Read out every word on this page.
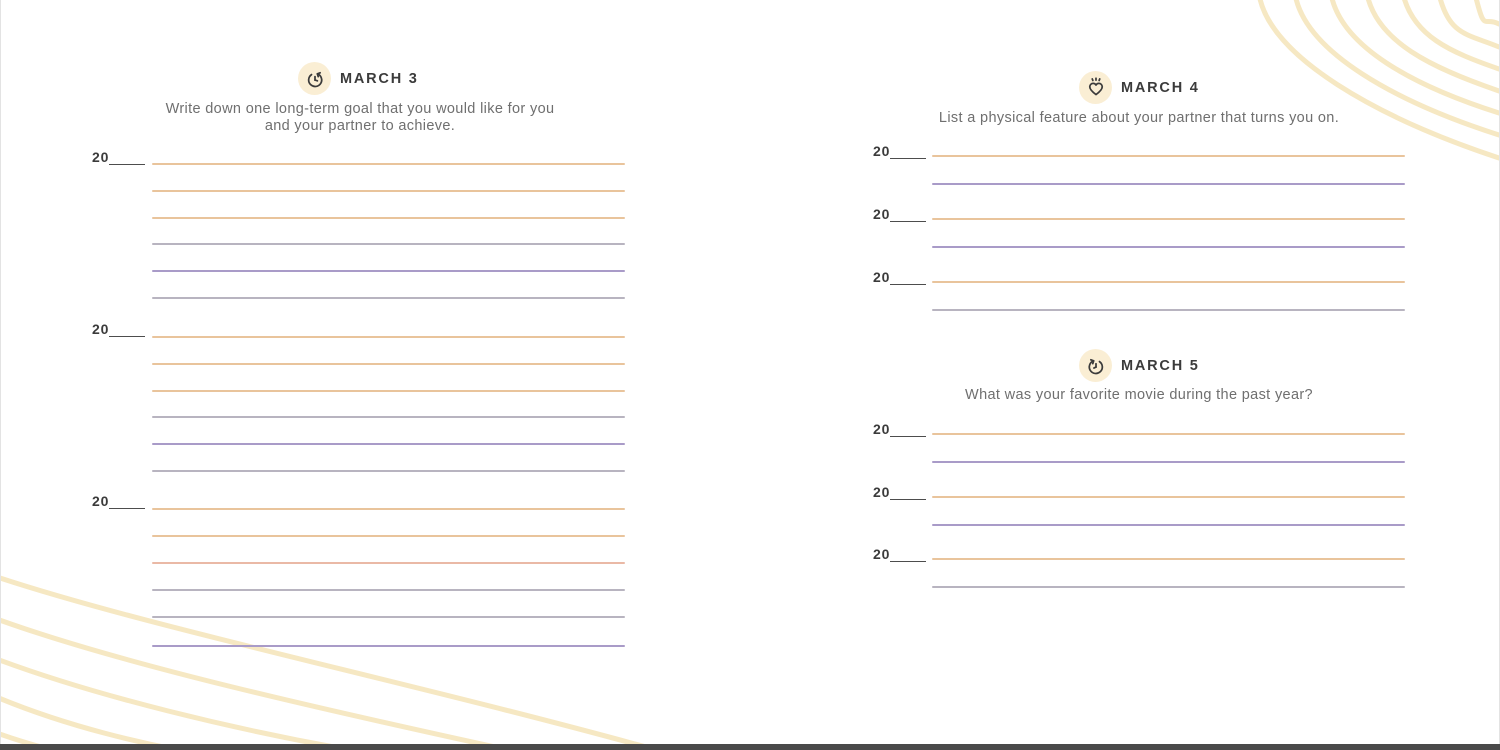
MARCH 3
Write down one long-term goal that you would like for you
and your partner to achieve.
20
20
20
MARCH 4
List a physical feature about your partner that turns you on.
20
20
20
MARCH 5
What was your favorite movie during the past year?
20
20
20
